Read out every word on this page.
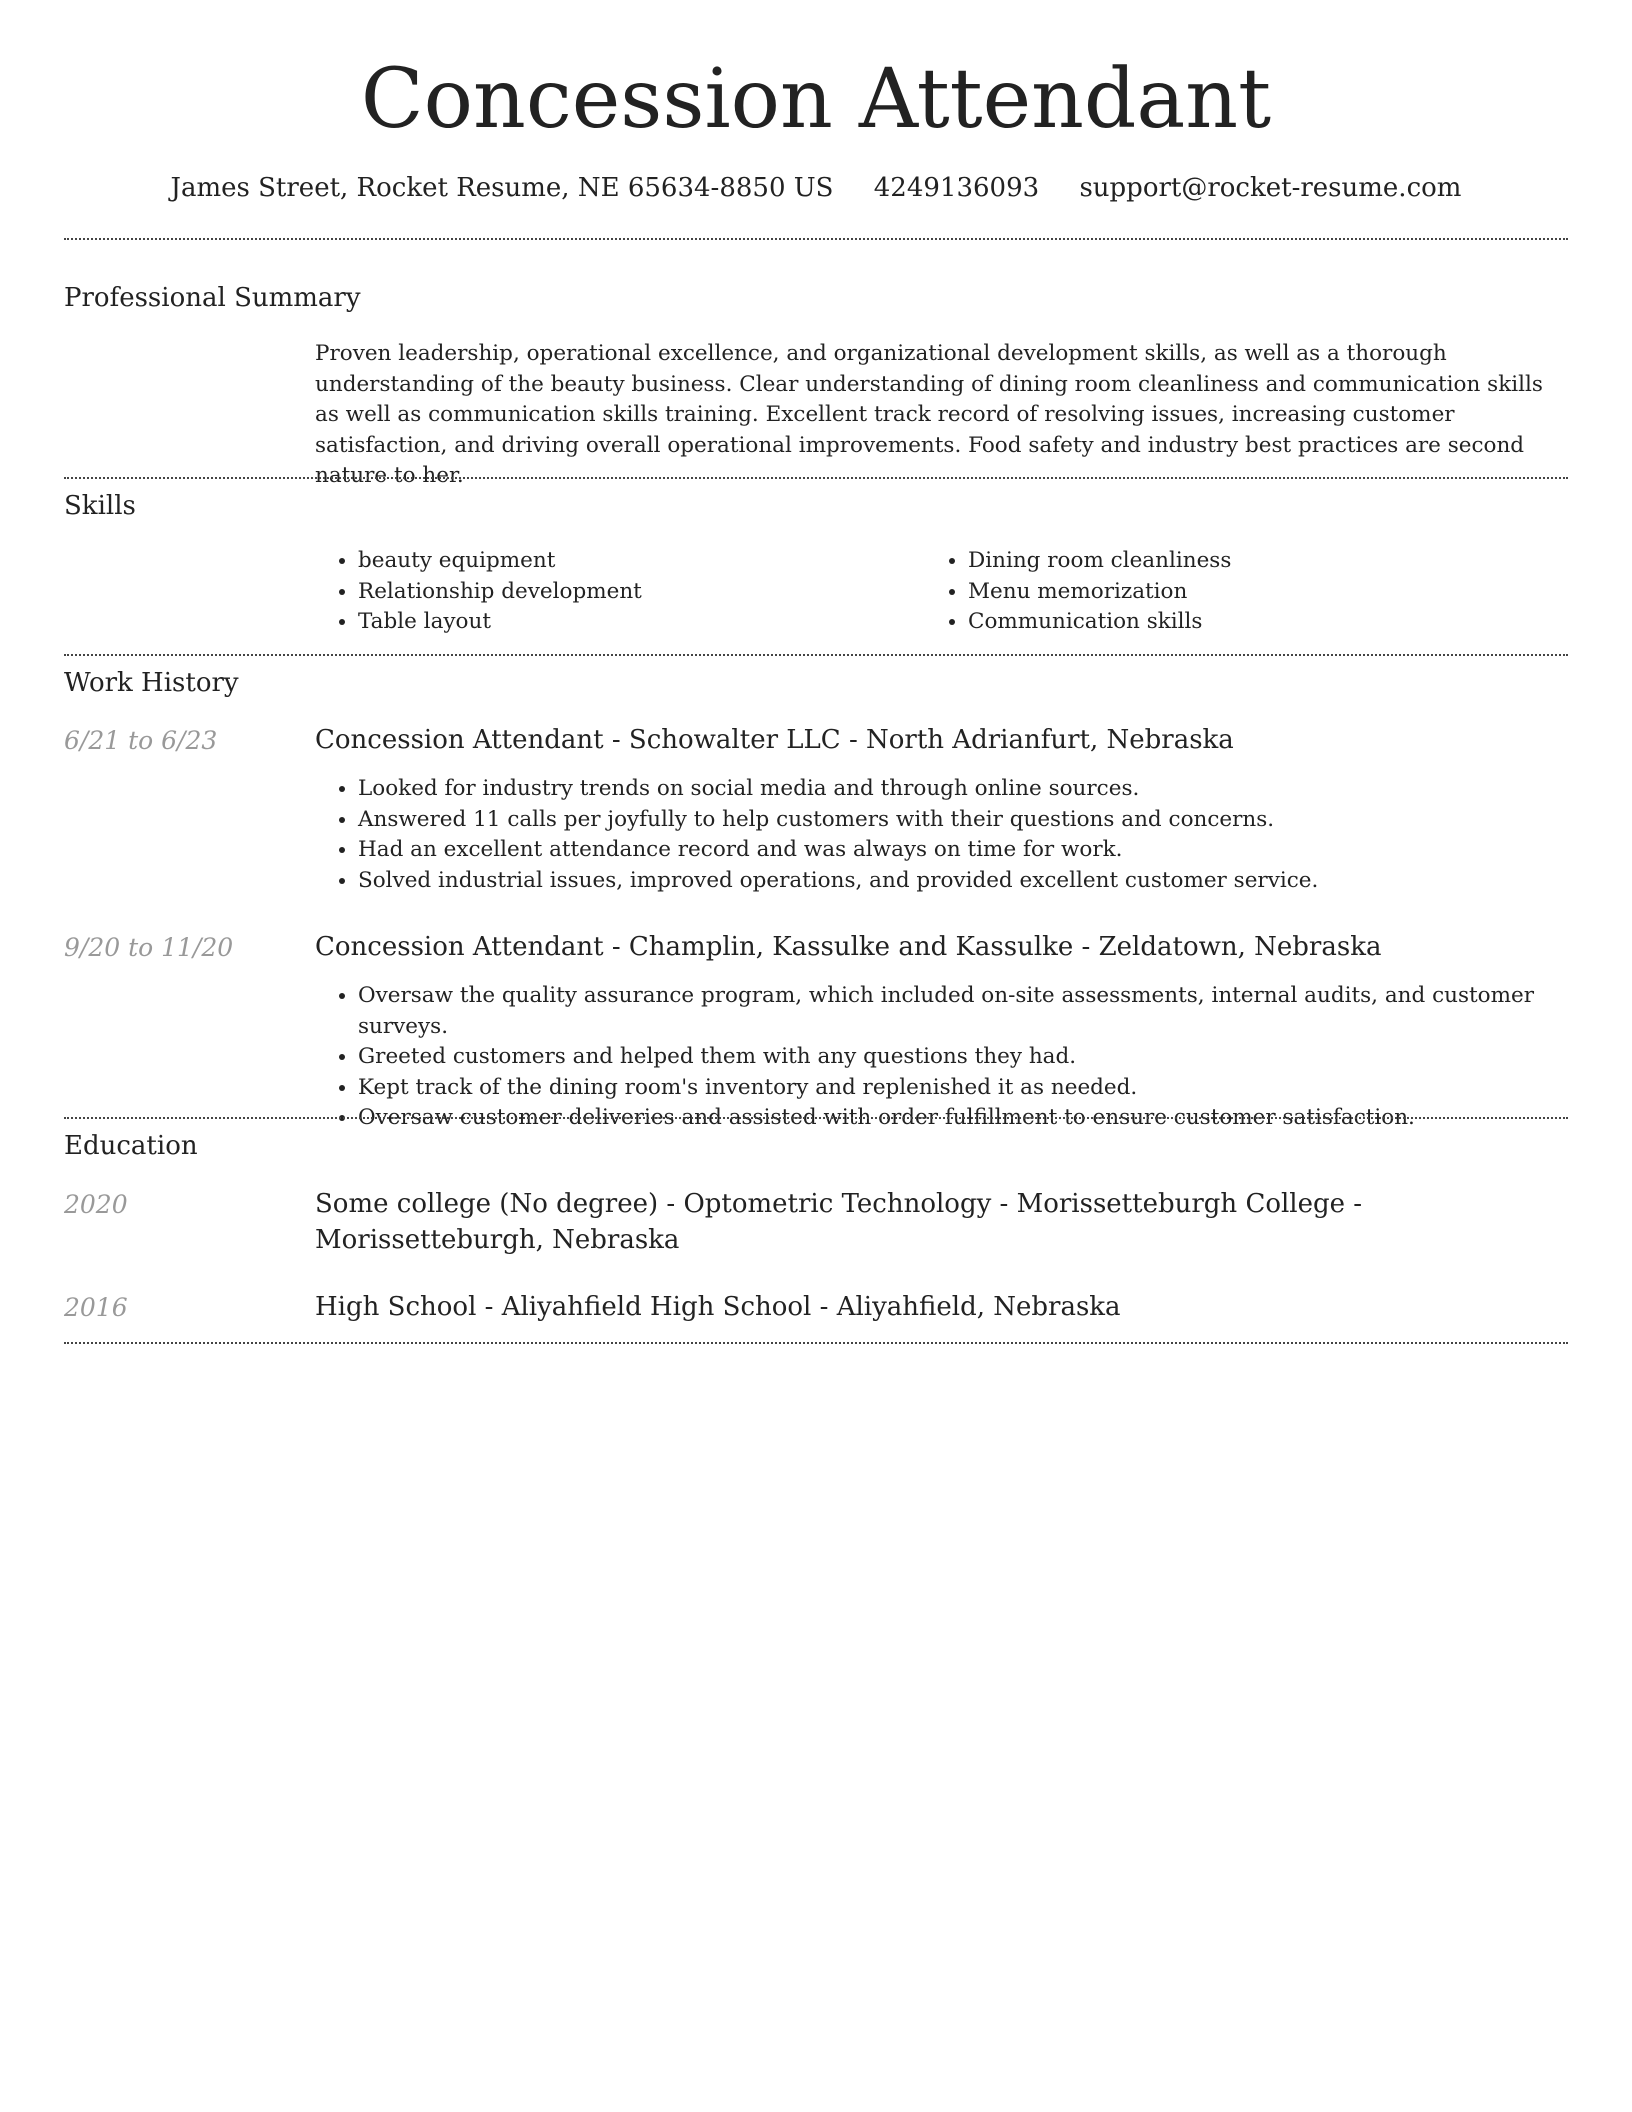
Concession Attendant
James Street, Rocket Resume, NE 65634-8850 US 4249136093 support@rocket-resume.com
Professional Summary
Proven leadership, operational excellence, and organizational development skills, as well as a thorough understanding of the beauty business. Clear understanding of dining room cleanliness and communication skills as well as communication skills training. Excellent track record of resolving issues, increasing customer satisfaction, and driving overall operational improvements. Food safety and industry best practices are second nature to her.
Skills
• beauty equipment
• Relationship development
• Table layout
• Dining room cleanliness
• Menu memorization
• Communication skills
Work History
6/21 to 6/23	Concession Attendant - Schowalter LLC - North Adrianfurt, Nebraska
• Looked for industry trends on social media and through online sources.
• Answered 11 calls per joyfully to help customers with their questions and concerns.
• Had an excellent attendance record and was always on time for work.
• Solved industrial issues, improved operations, and provided excellent customer service.
9/20 to 11/20	Concession Attendant - Champlin, Kassulke and Kassulke - Zeldatown, Nebraska
• Oversaw the quality assurance program, which included on-site assessments, internal audits, and customer surveys.
• Greeted customers and helped them with any questions they had.
• Kept track of the dining room's inventory and replenished it as needed.
• Oversaw customer deliveries and assisted with order fulfillment to ensure customer satisfaction.
Education
2020	Some college (No degree) - Optometric Technology - Morissetteburgh College - Morissetteburgh, Nebraska
2016	High School - Aliyahfield High School - Aliyahfield, Nebraska
